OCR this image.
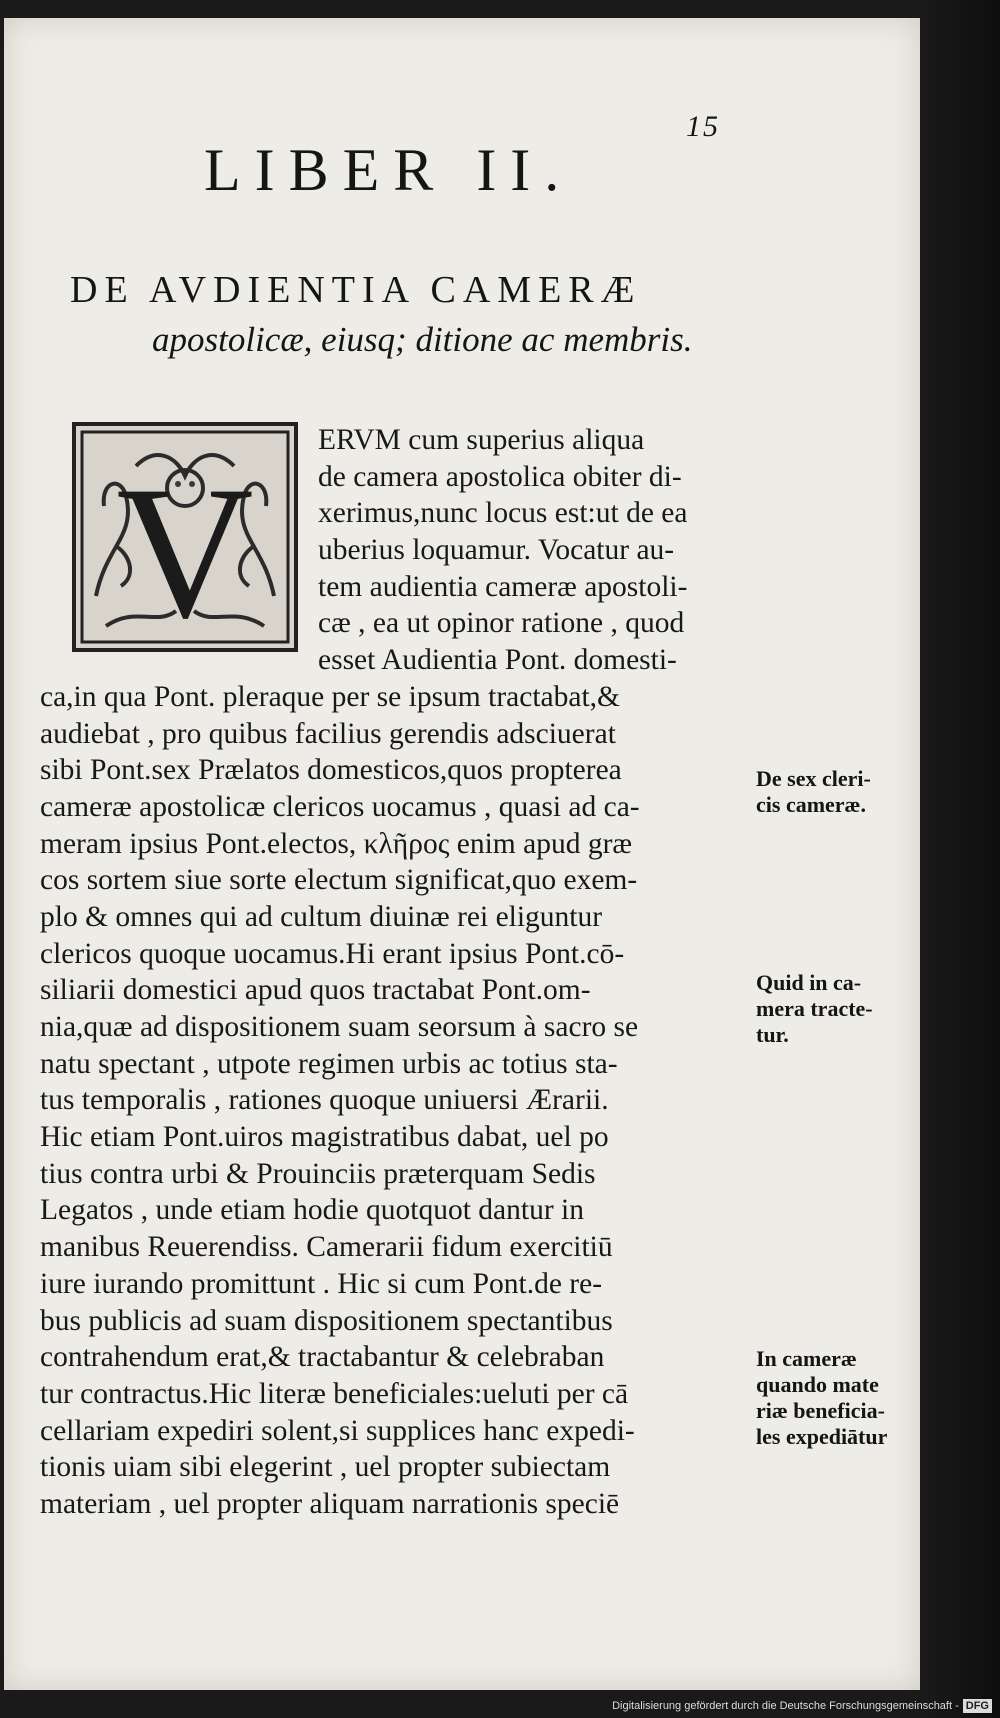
15
LIBER II.
DE AVDIENTIA CAMERÆ
apostolicæ, eiusq; ditione ac membris.
V
ERVM cum superius aliqua
de camera apostolica obiter di-
xerimus,nunc locus est:ut de ea
uberius loquamur. Vocatur au-
tem audientia cameræ apostoli-
cæ , ea ut opinor ratione , quod
esset Audientia Pont. domesti-
ca,in qua Pont. pleraque per se ipsum tractabat,&
audiebat , pro quibus facilius gerendis adsciuerat
sibi Pont.sex Prælatos domesticos,quos propterea
cameræ apostolicæ clericos uocamus , quasi ad ca-
meram ipsius Pont.electos, κλῆρος enim apud græ
cos sortem siue sorte electum significat,quo exem-
plo & omnes qui ad cultum diuinæ rei eliguntur
clericos quoque uocamus.Hi erant ipsius Pont.cō-
siliarii domestici apud quos tractabat Pont.om-
nia,quæ ad dispositionem suam seorsum à sacro se
natu spectant , utpote regimen urbis ac totius sta-
tus temporalis , rationes quoque uniuersi Ærarii.
Hic etiam Pont.uiros magistratibus dabat, uel po
tius contra urbi & Prouinciis præterquam Sedis
Legatos , unde etiam hodie quotquot dantur in
manibus Reuerendiss. Camerarii fidum exercitiū
iure iurando promittunt . Hic si cum Pont.de re-
bus publicis ad suam dispositionem spectantibus
contrahendum erat,& tractabantur & celebraban
tur contractus.Hic literæ beneficiales:ueluti per cā
cellariam expediri solent,si supplices hanc expedi-
tionis uiam sibi elegerint , uel propter subiectam
materiam , uel propter aliquam narrationis speciē
De sex cleri-
cis cameræ.
Quid in ca-
mera tracte-
tur.
In cameræ
quando mate
riæ beneficia-
les expediātur
Digitalisierung gefördert durch die Deutsche Forschungsgemeinschaft - DFG
